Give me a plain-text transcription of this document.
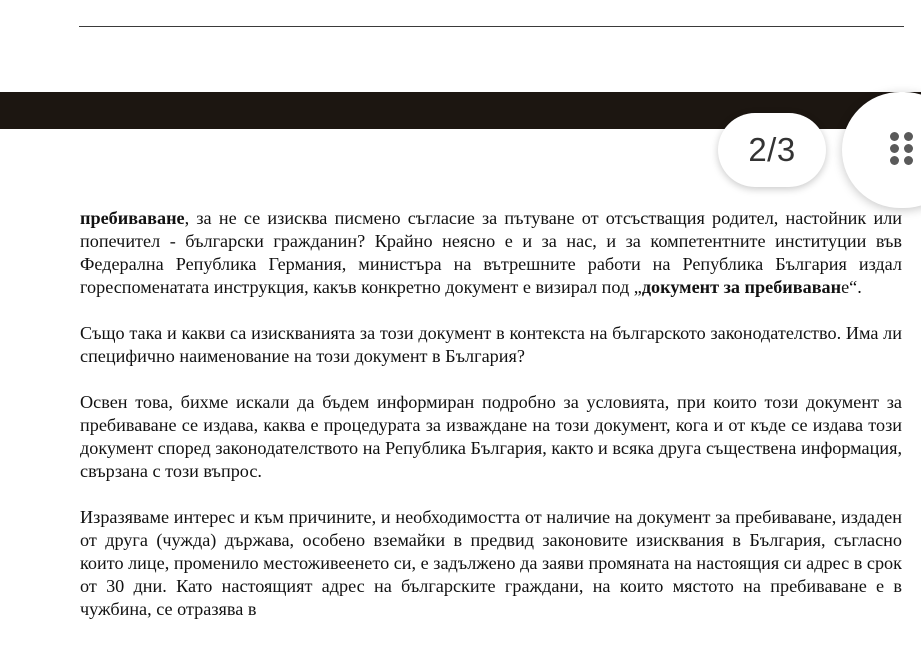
2/3

пребиваване, за не се изисква писмено съгласие за пътуване от отсъстващия родител, настойник или попечител - български гражданин? Крайно неясно е и за нас, и за компетентните институции във Федерална Република Германия, министъра на вътрешните работи на Република България издал гореспоменатата инструкция, какъв конкретно документ е визирал под „документ за пребиваване“.

Също така и какви са изискванията за този документ в контекста на българското законодателство. Има ли специфично наименование на този документ в България?

Освен това, бихме искали да бъдем информиран подробно за условията, при които този документ за пребиваване се издава, каква е процедурата за изваждане на този документ, кога и от къде се издава този документ според законодателството на Република България, както и всяка друга съществена информация, свързана с този въпрос.

Изразяваме интерес и към причините, и необходимостта от наличие на документ за пребиваване, издаден от друга (чужда) държава, особено вземайки в предвид законовите изисквания в България, съгласно които лице, променило местоживеенето си, е задължено да заяви промяната на настоящия си адрес в срок от 30 дни. Като настоящият адрес на българските граждани, на които мястото на пребиваване е в чужбина, се отразява в
